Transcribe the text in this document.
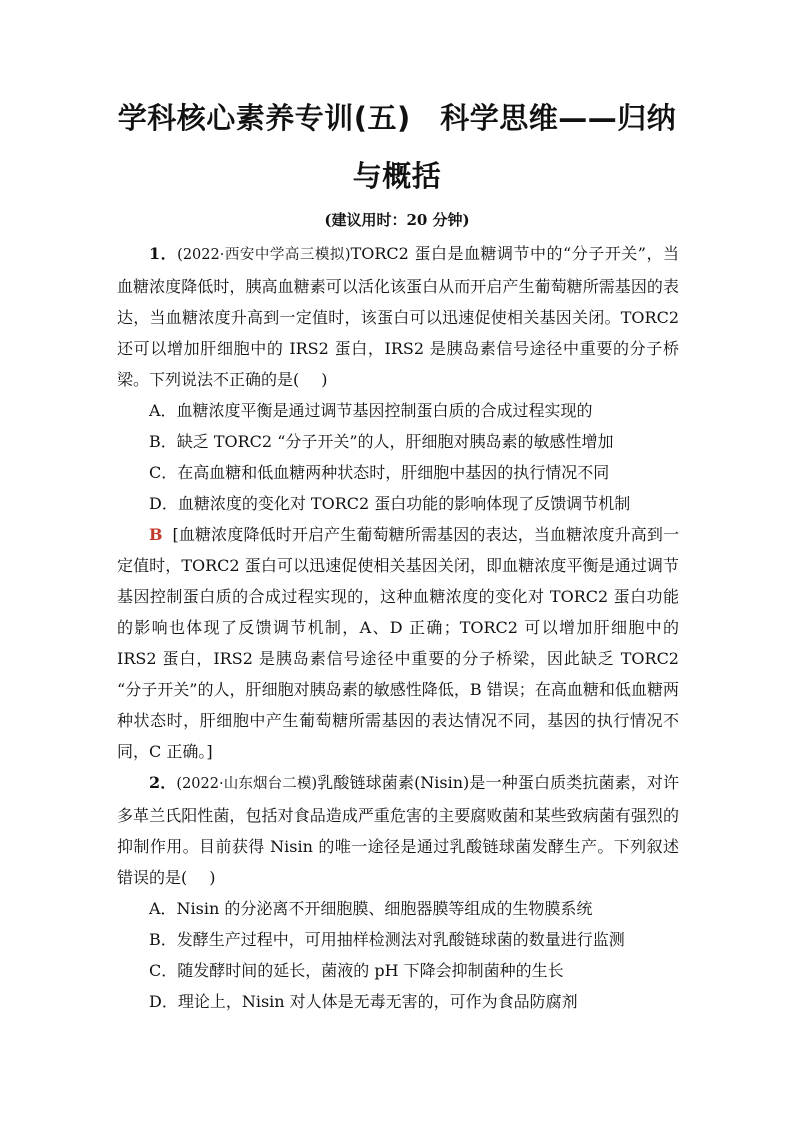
学科核心素养专训(五)　科学思维——归纳
与概括
(建议用时：20 分钟)

1．(2022·西安中学高三模拟)TORC2 蛋白是血糖调节中的“分子开关”，当血糖浓度降低时，胰高血糖素可以活化该蛋白从而开启产生葡萄糖所需基因的表达，当血糖浓度升高到一定值时，该蛋白可以迅速促使相关基因关闭。TORC2 还可以增加肝细胞中的 IRS2 蛋白，IRS2 是胰岛素信号途径中重要的分子桥梁。下列说法不正确的是( )

A．血糖浓度平衡是通过调节基因控制蛋白质的合成过程实现的

B．缺乏 TORC2 “分子开关”的人，肝细胞对胰岛素的敏感性增加

C．在高血糖和低血糖两种状态时，肝细胞中基因的执行情况不同

D．血糖浓度的变化对 TORC2 蛋白功能的影响体现了反馈调节机制

B [血糖浓度降低时开启产生葡萄糖所需基因的表达，当血糖浓度升高到一定值时，TORC2 蛋白可以迅速促使相关基因关闭，即血糖浓度平衡是通过调节基因控制蛋白质的合成过程实现的，这种血糖浓度的变化对 TORC2 蛋白功能的影响也体现了反馈调节机制，A、D 正确；TORC2 可以增加肝细胞中的 IRS2 蛋白，IRS2 是胰岛素信号途径中重要的分子桥梁，因此缺乏 TORC2 “分子开关”的人，肝细胞对胰岛素的敏感性降低，B 错误；在高血糖和低血糖两种状态时，肝细胞中产生葡萄糖所需基因的表达情况不同，基因的执行情况不同，C 正确。]

2．(2022·山东烟台二模)乳酸链球菌素(Nisin)是一种蛋白质类抗菌素，对许多革兰氏阳性菌，包括对食品造成严重危害的主要腐败菌和某些致病菌有强烈的抑制作用。目前获得 Nisin 的唯一途径是通过乳酸链球菌发酵生产。下列叙述错误的是( )

A．Nisin 的分泌离不开细胞膜、细胞器膜等组成的生物膜系统

B．发酵生产过程中，可用抽样检测法对乳酸链球菌的数量进行监测

C．随发酵时间的延长，菌液的 pH 下降会抑制菌种的生长

D．理论上，Nisin 对人体是无毒无害的，可作为食品防腐剂
